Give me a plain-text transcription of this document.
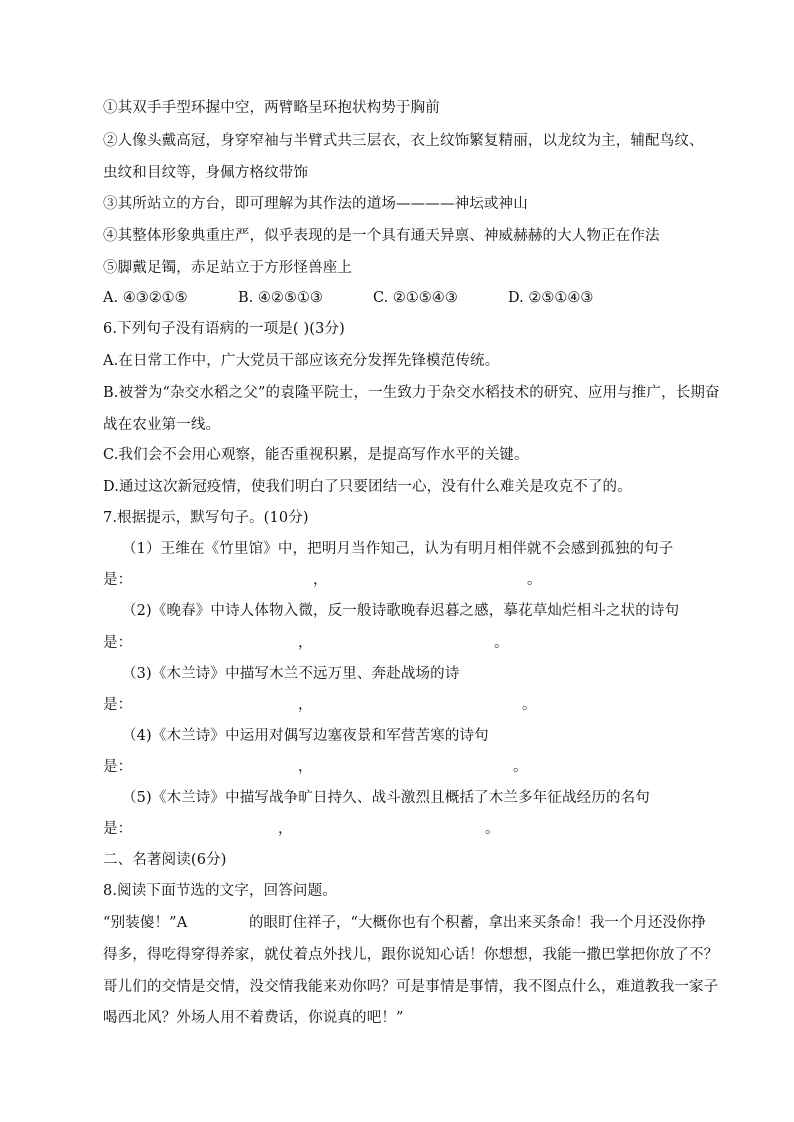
①其双手手型环握中空，两臂略呈环抱状构势于胸前
②人像头戴高冠，身穿窄袖与半臂式共三层衣，衣上纹饰繁复精丽，以龙纹为主，辅配鸟纹、
虫纹和目纹等，身佩方格纹带饰
③其所站立的方台，即可理解为其作法的道场————神坛或神山
④其整体形象典重庄严，似乎表现的是一个具有通天异禀、神威赫赫的大人物正在作法
⑤脚戴足镯，赤足站立于方形怪兽座上
A. ④③②①⑤	B. ④②⑤①③	C. ②①⑤④③	D. ②⑤①④③
6.下列句子没有语病的一项是( )(3分)
A.在日常工作中，广大党员干部应该充分发挥先锋模范传统。
B.被誉为“杂交水稻之父”的袁隆平院士，一生致力于杂交水稻技术的研究、应用与推广，长期奋
战在农业第一线。
C.我们会不会用心观察，能否重视积累，是提高写作水平的关键。
D.通过这次新冠疫情，使我们明白了只要团结一心，没有什么难关是攻克不了的。
7.根据提示，默写句子。(10分)
（1）王维在《竹里馆》中，把明月当作知己，认为有明月相伴就不会感到孤独的句子
是：	，	。
（2)《晚春》中诗人体物入微，反一般诗歌晚春迟暮之感，摹花草灿烂相斗之状的诗句
是：	，	。
（3)《木兰诗》中描写木兰不远万里、奔赴战场的诗
是：	，	。
（4)《木兰诗》中运用对偶写边塞夜景和军营苦寒的诗句
是：	，	。
（5)《木兰诗》中描写战争旷日持久、战斗激烈且概括了木兰多年征战经历的名句
是：	，	。
二、名著阅读(6分)
8.阅读下面节选的文字，回答问题。
“别装傻！”A	的眼盯住祥子，“大概你也有个积蓄，拿出来买条命！我一个月还没你挣
得多，得吃得穿得养家，就仗着点外找儿，跟你说知心话！你想想，我能一撒巴掌把你放了不？
哥儿们的交情是交情，没交情我能来劝你吗？可是事情是事情，我不图点什么，难道教我一家子
喝西北风？外场人用不着费话，你说真的吧！”
